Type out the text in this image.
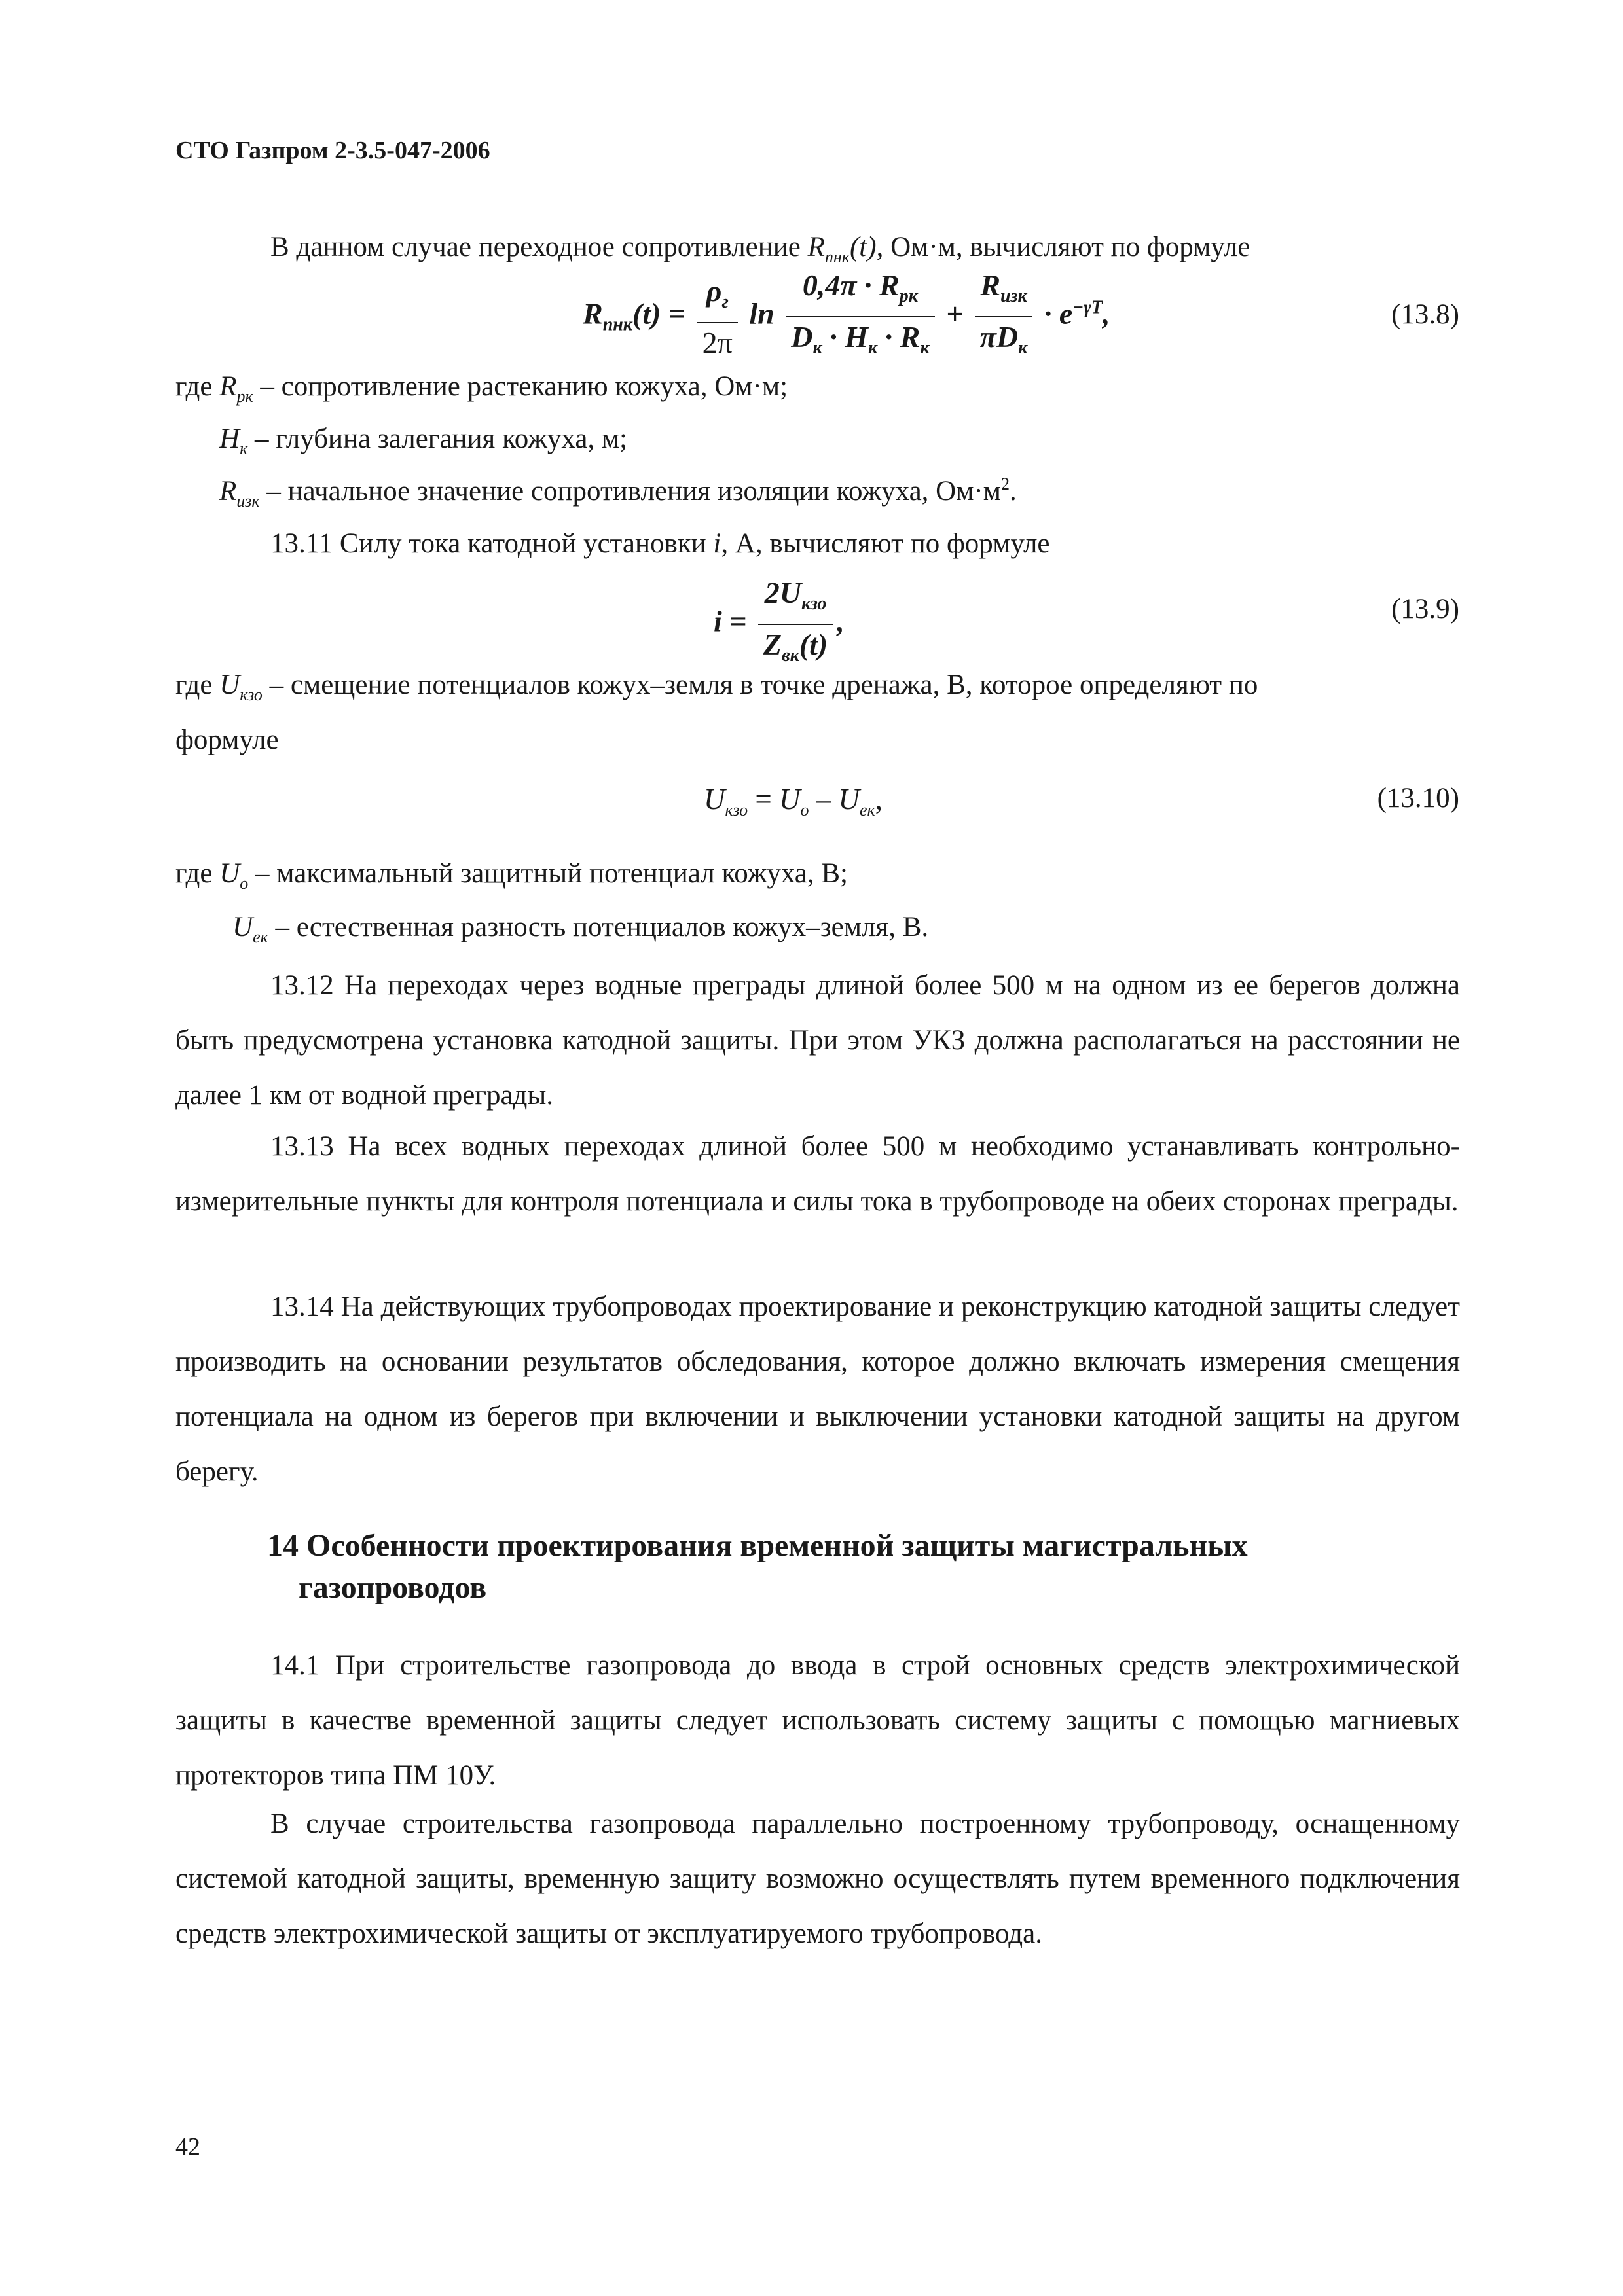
СТО Газпром 2-3.5-047-2006
В данном случае переходное сопротивление $R_{пнк}(t)$, Ом·м, вычисляют по формуле
$R_{пнк}(t) = \frac{\rho_г}{2\pi}$ $\ln \frac{0,4\pi \cdot R_{рк}}{D_к \cdot H_к \cdot R_к} + \frac{R_{изк}}{\pi D_к} \cdot e^{-\gamma T}$,	(13.8)
где $R_{рк}$ – сопротивление растеканию кожуха, Ом·м;
$H_к$ – глубина залегания кожуха, м;
$R_{изк}$ – начальное значение сопротивления изоляции кожуха, $Ом\cdot м^2$.
13.11 Силу тока катодной установки i, А, вычисляют по формуле
$i = \frac{2U_{кзо}}{Z_{вк}(t)}$ ,	(13.9)
где $U_{кзо}$ – смещение потенциалов кожух–земля в точке дренажа, В, которое определяют по
формуле
$U_{кзо} = U_о - U_{ек}$,	(13.10)
где $U_о$ – максимальный защитный потенциал кожуха, В;
$U_{ек}$ – естественная разность потенциалов кожух–земля, В.
13.12 На переходах через водные преграды длиной более 500 м на одном из ее берегов должна быть предусмотрена установка катодной защиты. При этом УКЗ должна располагаться на расстоянии не далее 1 км от водной преграды.
13.13 На всех водных переходах длиной более 500 м необходимо устанавливать контрольно-измерительные пункты для контроля потенциала и силы тока в трубопроводе на обеих сторонах преграды.
13.14 На действующих трубопроводах проектирование и реконструкцию катодной защиты следует производить на основании результатов обследования, которое должно включать измерения смещения потенциала на одном из берегов при включении и выключении установки катодной защиты на другом берегу.
14 Особенности проектирования временной защиты магистральных
газопроводов
14.1 При строительстве газопровода до ввода в строй основных средств электрохимической защиты в качестве временной защиты следует использовать систему защиты с помощью магниевых протекторов типа ПМ 10У.
В случае строительства газопровода параллельно построенному трубопроводу, оснащенному системой катодной защиты, временную защиту возможно осуществлять путем временного подключения средств электрохимической защиты от эксплуатируемого трубопровода.
42
